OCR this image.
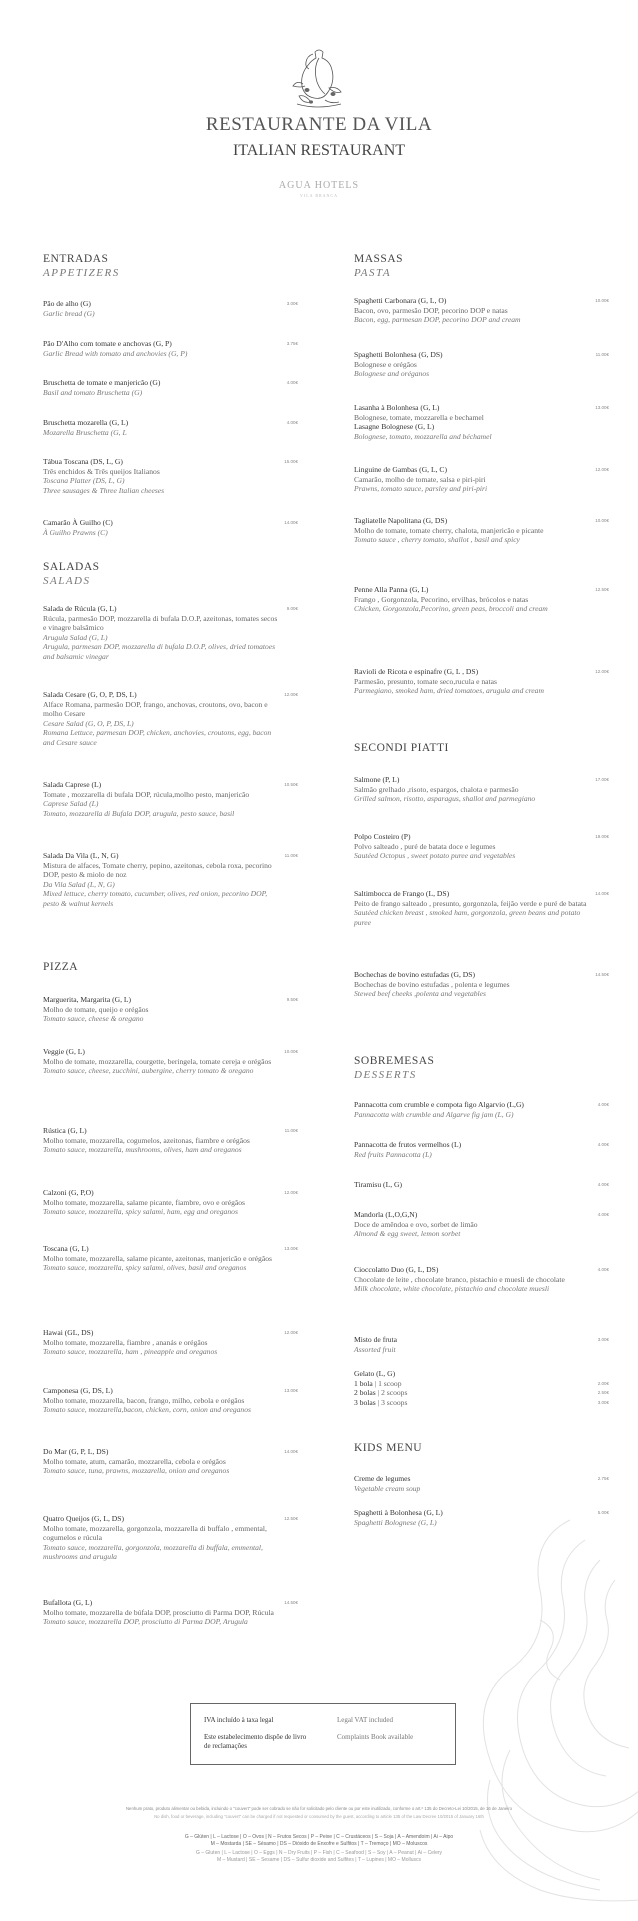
RESTAURANTE DA VILA
ITALIAN RESTAURANT
AGUA HOTELS
VILA BRANCA
ENTRADAS
APPETIZERS
Pão de alho (G)
Garlic bread (G)
3.00€
Pão D'Alho com tomate e anchovas (G, P)
Garlic Bread with tomato and anchovies (G, P)
3.75€
Bruschetta de tomate e manjericão (G)
Basil and tomato Bruschetta (G)
4.00€
Bruschetta mozarella (G, L)
Mozarella Bruschetta (G, L
4.00€
Tábua Toscana (DS, L, G)
Três enchidos & Três queijos Italianos
Toscana Platter (DS, L, G)
Three sausages & Three Italian cheeses
15.00€
Camarão À Guilho (C)
À Guilho Prawns (C)
14.00€
SALADAS
SALADS
Salada de Rúcula (G, L)
Rúcula, parmesão DOP, mozzarella di bufala D.O.P, azeitonas, tomates secos e vinagre balsâmico
Arugula Salad (G, L)
Arugula, parmesan DOP, mozzarella di bufala D.O.P, olives, dried tomatoes and balsamic vinegar
9.00€
Salada Cesare (G, O, P, DS, L)
Alface Romana, parmesão DOP, frango, anchovas, croutons, ovo, bacon e molho Cesare
Cesare Salad (G, O, P, DS, L)
Romana Lettuce, parmesan DOP, chicken, anchovies, croutons, egg, bacon and Cesare sauce
12.00€
Salada Caprese (L)
Tomate , mozzarella di bufala DOP, rúcula,molho pesto, manjericão
Caprese Salad (L)
Tomato, mozzarella di Bufala DOP, arugula, pesto sauce, basil
10.50€
Salada Da Vila (L, N, G)
Mistura de alfaces, Tomate cherry, pepino, azeitonas, cebola roxa, pecorino DOP, pesto & miolo de noz
Da Vila Salad (L, N, G)
Mixed lettuce, cherry tomato, cucumber, olives, red onion, pecorino DOP, pesto & walnut kernels
11.00€
PIZZA
Marguerita, Margarita (G, L)
Molho de tomate, queijo e orégãos
Tomato sauce, cheese & oregano
9.50€
Veggie (G, L)
Molho de tomate, mozzarella, courgette, beringela, tomate cereja e orégãos
Tomato sauce, cheese, zucchini, aubergine, cherry tomato & oregano
10.00€
Rústica (G, L)
Molho tomate, mozzarella, cogumelos, azeitonas, fiambre e orégãos
Tomato sauce, mozzarella, mushrooms, olives, ham and oreganos
11.00€
Calzoni (G, P,O)
Molho tomate, mozzarella, salame picante, fiambre, ovo e orégãos
Tomato sauce, mozzarella, spicy salami, ham, egg and oreganos
12.00€
Toscana (G, L)
Molho tomate, mozzarella, salame picante, azeitonas, manjericão e orégãos
Tomato sauce, mozzarella, spicy salami, olives, basil and oreganos
13.00€
Hawai (GL, DS)
Molho tomate, mozzarella, fiambre , ananás e orégãos
Tomato sauce, mozzarella, ham , pineapple and oreganos
12.00€
Camponesa (G, DS, L)
Molho tomate, mozzarella, bacon, frango, milho, cebola e orégãos
Tomato sauce, mozzarella,bacon, chicken, corn, onion and oreganos
13.00€
Do Mar (G, P, L, DS)
Molho tomate, atum, camarão, mozzarella, cebola e orégãos
Tomato sauce, tuna, prawns, mozzarella, onion and oreganos
14.00€
Quatro Queijos (G, L, DS)
Molho tomate, mozzarella, gorgonzola, mozzarella di buffalo , emmental, cogumelos e rúcula
Tomato sauce, mozzarella, gorgonzola, mozzarella di buffala, emmental, mushrooms and arugula
12.50€
Bufallota (G, L)
Molho tomate, mozzarella de búfala DOP, prosciutto di Parma DOP, Rúcula
Tomato sauce, mozzarella DOP, prosciutto di Parma DOP, Arugula
14.50€
MASSAS
PASTA
Spaghetti Carbonara (G, L, O)
Bacon, ovo, parmesão DOP, pecorino DOP e natas
Bacon, egg, parmesan DOP, pecorino DOP and cream
10.00€
Spaghetti Bolonhesa (G, DS)
Bolognese e orégãos
Bolognese and oréganos
11.00€
Lasanha à Bolonhesa (G, L)
Bolognese, tomate, mozzarella e bechamel
Lasagne Bolognese (G, L)
Bolognese, tomato, mozzarella and béchamel
13.00€
Linguine de Gambas (G, L, C)
Camarão, molho de tomate, salsa e piri-piri
Prawns, tomato sauce, parsley and piri-piri
12.00€
Tagliatelle Napolitana (G, DS)
Molho de tomate, tomate cherry, chalota, manjericão e picante
Tomato sauce , cherry tomato, shallot , basil and spicy
10.00€
Penne Alla Panna (G, L)
Frango , Gorgonzola, Pecorino, ervilhas, brócolos e natas
Chicken, Gorgonzola,Pecorino, green peas, broccoli and cream
12.50€
Ravioli de Ricota e espinafre (G, L , DS)
Parmesão, presunto, tomate seco,rucula e natas
Parmegiano, smoked ham, dried tomatoes, arugula and cream
12.00€
SECONDI PIATTI
Salmone (P, L)
Salmão grelhado ,risoto, espargos, chalota e parmesão
Grilled salmon, risotto, asparagus, shallot and parmegiano
17.00€
Polpo Costeiro (P)
Polvo salteado , puré de batata doce e legumes
Sautéed Octopus , sweet potato puree and vegetables
19.00€
Saltimbocca de Frango (L, DS)
Peito de frango salteado , presunto, gorgonzola, feijão verde e puré de batata
Sautéed chicken breast , smoked ham, gorgonzola, green beans and potato puree
14.00€
Bochechas de bovino estufadas (G, DS)
Bochechas de bovino estufadas , polenta e legumes
Stewed beef cheeks ,polenta and vegetables
14.50€
SOBREMESAS
DESSERTS
Pannacotta com crumble e compota figo Algarvio (L,G)
Pannacotta with crumble and Algarve fig jam (L, G)
4.00€
Pannacotta de frutos vermelhos (L)
Red fruits Pannacotta (L)
4.00€
Tiramisu (L, G)	4.00€
Mandorla (L,O,G,N)
Doce de amêndoa e ovo, sorbet de limão
Almond & egg sweet, lemon sorbet
4.00€
Cioccolatto Duo (G, L, DS)
Chocolate de leite , chocolate branco, pistachio e muesli de chocolate
Milk chocolate, white chocolate, pistachio and chocolate muesli
4.00€
Misto de fruta
Assorted fruit
3.00€
Gelato (L, G)
1 bola | 1 scoop	2.00€
2 bolas | 2 scoops	2.50€
3 bolas | 3 scoops	3.00€
KIDS MENU
Creme de legumes
Vegetable cream soup
2.75€
Spaghetti à Bolonhesa (G, L)
Spaghetti Bolognese (G, L)
5.00€
IVA incluído à taxa legal	Legal VAT included
Este estabelecimento dispõe de livro de reclamações
Complaints Book available
Nenhum prato, produto alimentar ou bebida, incluindo o "couvert" pode ser cobrado se não for solicitado pelo cliente ou por este inutilizado, conforme o art.º 135 do Decreto-Lei 10/2015, de 16 de Janeiro
No dish, food or beverage, including "couvert" can be charged if not requested or consumed by the guest, according to article 135 of the Law Decree 10/2015 of January 16th
G – Glúten | L – Lactose | O – Ovos | N – Frutos Secos | P – Peixe | C – Crustáceos | S – Soja | A – Amendoim | Ai – Aipo
M – Mostarda | SE – Sésamo | DS – Dióxido de Enxofre e Sulfitos | T – Tremoço | MO – Moluscos
G – Gluten | L – Lactose | O – Eggs | N – Dry Fruits | P – Fish | C – Seafood | S – Soy | A – Peanut | Ai – Celery
M – Mustard | SE – Sesame | DS – Sulfur dioxide and Sulfites | T – Lupines | MO – Molluscs
